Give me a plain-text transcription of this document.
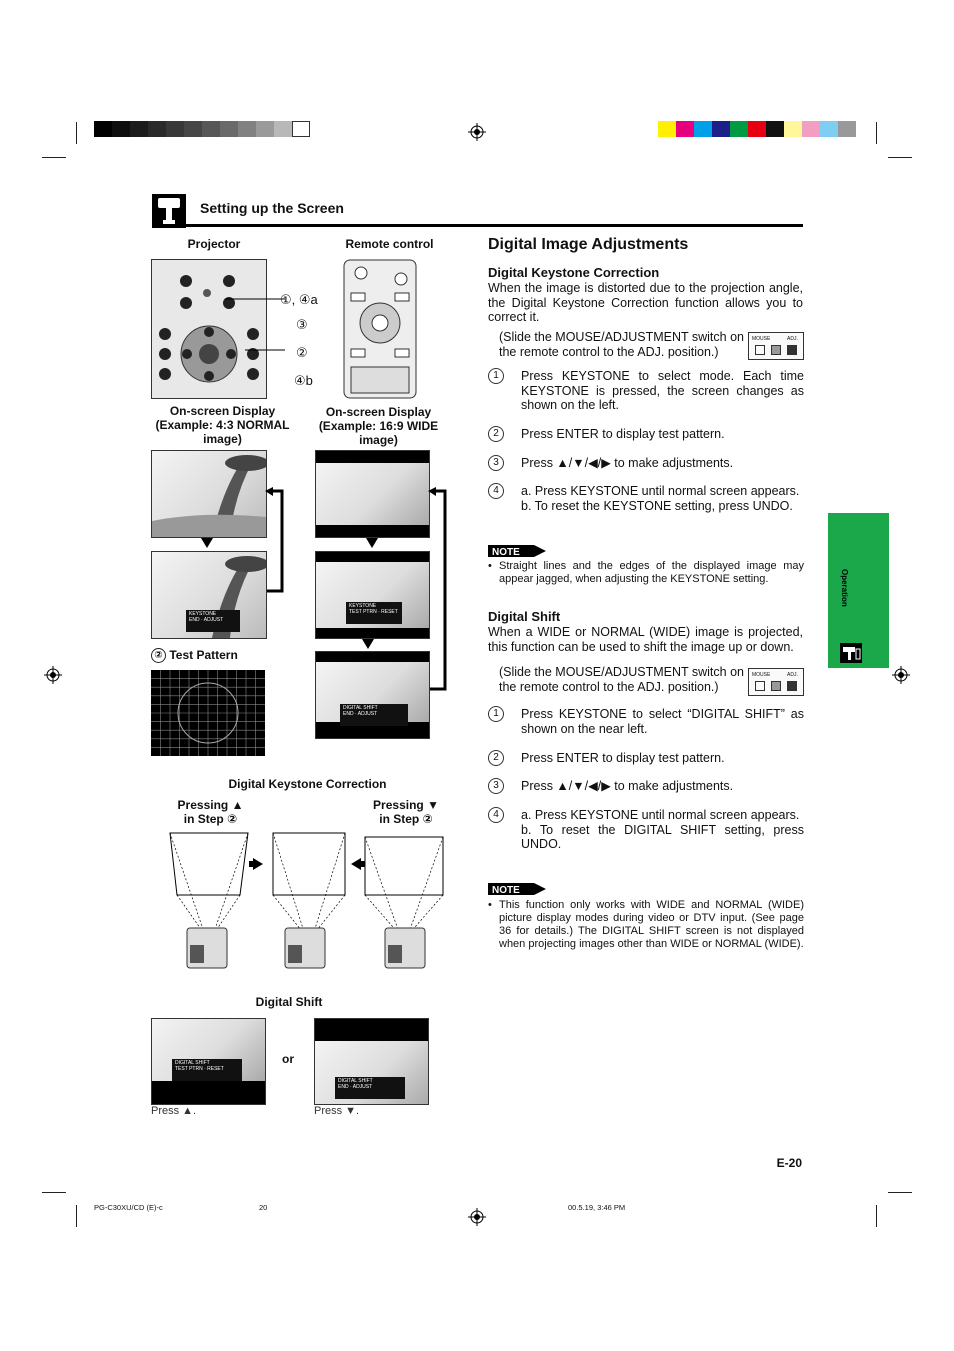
Setting up the Screen
Projector	Remote control
①, ④a
③
②
④b
On-screen Display (Example: 4:3 NORMAL image)
On-screen Display (Example: 16:9 WIDE image)
KEYSTONE
END · ADJUST
② Test Pattern
KEYSTONE
TEST PTRN · RESET
DIGITAL SHIFT
END · ADJUST
Digital Keystone Correction
Pressing ▲
in Step ②
Pressing ▼
in Step ②
Digital Shift
DIGITAL SHIFT
TEST PTRN · RESET
or
DIGITAL SHIFT
END · ADJUST
Press ▲.	Press ▼.
Digital Image Adjustments
Digital Keystone Correction
When the image is distorted due to the projection angle, the Digital Keystone Correction function allows you to correct it.
(Slide the MOUSE/ADJUSTMENT switch on the remote control to the ADJ. position.)
MOUSE	ADJ.
1	Press KEYSTONE to select mode. Each time KEYSTONE is pressed, the screen changes as shown on the left.
2	Press ENTER to display test pattern.
3	Press ▲/▼/◀/▶ to make adjustments.
4	a. Press KEYSTONE until normal screen appears.
b. To reset the KEYSTONE setting, press UNDO.
NOTE
• Straight lines and the edges of the displayed image may appear jagged, when adjusting the KEYSTONE setting.
Digital Shift
When a WIDE or NORMAL (WIDE) image is projected, this function can be used to shift the image up or down.
(Slide the MOUSE/ADJUSTMENT switch on the remote control to the ADJ. position.)
MOUSE	ADJ.
1	Press KEYSTONE to select “DIGITAL SHIFT” as shown on the near left.
2	Press ENTER to display test pattern.
3	Press ▲/▼/◀/▶ to make adjustments.
4	a. Press KEYSTONE until normal screen appears.
b. To reset the DIGITAL SHIFT setting, press UNDO.
NOTE
• This function only works with WIDE and NORMAL (WIDE) picture display modes during video or DTV input. (See page 36 for details.) The DIGITAL SHIFT screen is not displayed when projecting images other than WIDE or NORMAL (WIDE).
Operation
E-20
PG-C30XU/CD (E)-c	20	00.5.19, 3:46 PM
